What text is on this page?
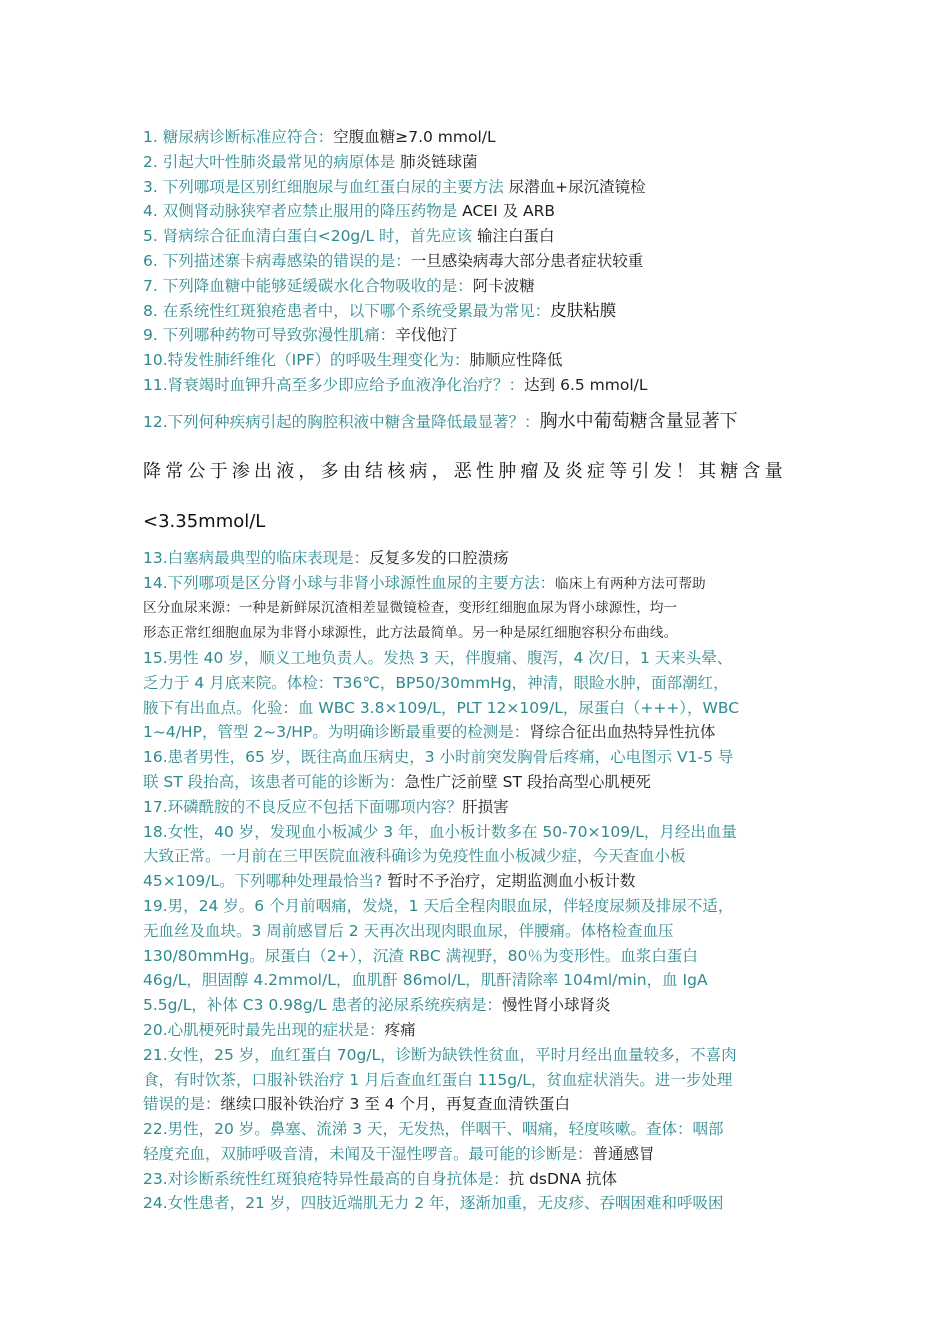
1. 糖尿病诊断标准应符合：空腹血糖≥7.0 mmol/L
2. 引起大叶性肺炎最常见的病原体是 肺炎链球菌
3. 下列哪项是区别红细胞尿与血红蛋白尿的主要方法 尿潜血+尿沉渣镜检
4. 双侧肾动脉狭窄者应禁止服用的降压药物是 ACEI 及 ARB
5. 肾病综合征血清白蛋白<20g/L 时，首先应该 输注白蛋白
6. 下列描述寨卡病毒感染的错误的是：一旦感染病毒大部分患者症状较重
7. 下列降血糖中能够延缓碳水化合物吸收的是：阿卡波糖
8. 在系统性红斑狼疮患者中，以下哪个系统受累最为常见：皮肤粘膜
9. 下列哪种药物可导致弥漫性肌痛：辛伐他汀
10.特发性肺纤维化（IPF）的呼吸生理变化为：肺顺应性降低
11.肾衰竭时血钾升高至多少即应给予血液净化治疗？：达到 6.5 mmol/L
12.下列何种疾病引起的胸腔积液中糖含量降低最显著？：胸水中葡萄糖含量显著下
降常公于渗出液，多由结核病，恶性肿瘤及炎症等引发！其糖含量
<3.35mmol/L
13.白塞病最典型的临床表现是：反复多发的口腔溃疡
14.下列哪项是区分肾小球与非肾小球源性血尿的主要方法：临床上有两种方法可帮助
区分血尿来源：一种是新鲜尿沉渣相差显微镜检查，变形红细胞血尿为肾小球源性，均一
形态正常红细胞血尿为非肾小球源性，此方法最简单。另一种是尿红细胞容积分布曲线。
15.男性 40 岁，顺义工地负责人。发热 3 天，伴腹痛、腹泻，4 次/日，1 天来头晕、
乏力于 4 月底来院。体检：T36℃，BP50/30mmHg，神清，眼睑水肿，面部潮红，
腋下有出血点。化验：血 WBC 3.8×109/L，PLT 12×109/L，尿蛋白（+++），WBC
1~4/HP，管型 2~3/HP。为明确诊断最重要的检测是：肾综合征出血热特异性抗体
16.患者男性，65 岁，既往高血压病史，3 小时前突发胸骨后疼痛，心电图示 V1-5 导
联 ST 段抬高，该患者可能的诊断为：急性广泛前壁 ST 段抬高型心肌梗死
17.环磷酰胺的不良反应不包括下面哪项内容？肝损害
18.女性，40 岁，发现血小板减少 3 年，血小板计数多在 50-70×109/L，月经出血量
大致正常。一月前在三甲医院血液科确诊为免疫性血小板减少症，今天查血小板
45×109/L。下列哪种处理最恰当? 暂时不予治疗，定期监测血小板计数
19.男，24 岁。6 个月前咽痛，发烧，1 天后全程肉眼血尿，伴轻度尿频及排尿不适，
无血丝及血块。3 周前感冒后 2 天再次出现肉眼血尿，伴腰痛。体格检查血压
130/80mmHg。尿蛋白（2+），沉渣 RBC 满视野，80％为变形性。血浆白蛋白
46g/L，胆固醇 4.2mmol/L，血肌酐 86mol/L，肌酐清除率 104ml/min，血 IgA
5.5g/L，补体 C3 0.98g/L 患者的泌尿系统疾病是：慢性肾小球肾炎
20.心肌梗死时最先出现的症状是：疼痛
21.女性，25 岁，血红蛋白 70g/L，诊断为缺铁性贫血，平时月经出血量较多，不喜肉
食，有时饮茶，口服补铁治疗 1 月后查血红蛋白 115g/L，贫血症状消失。进一步处理
错误的是：继续口服补铁治疗 3 至 4 个月，再复查血清铁蛋白
22.男性，20 岁。鼻塞、流涕 3 天，无发热，伴咽干、咽痛，轻度咳嗽。查体：咽部
轻度充血，双肺呼吸音清，未闻及干湿性啰音。最可能的诊断是：普通感冒
23.对诊断系统性红斑狼疮特异性最高的自身抗体是：抗 dsDNA 抗体
24.女性患者，21 岁，四肢近端肌无力 2 年，逐渐加重，无皮疹、吞咽困难和呼吸困
